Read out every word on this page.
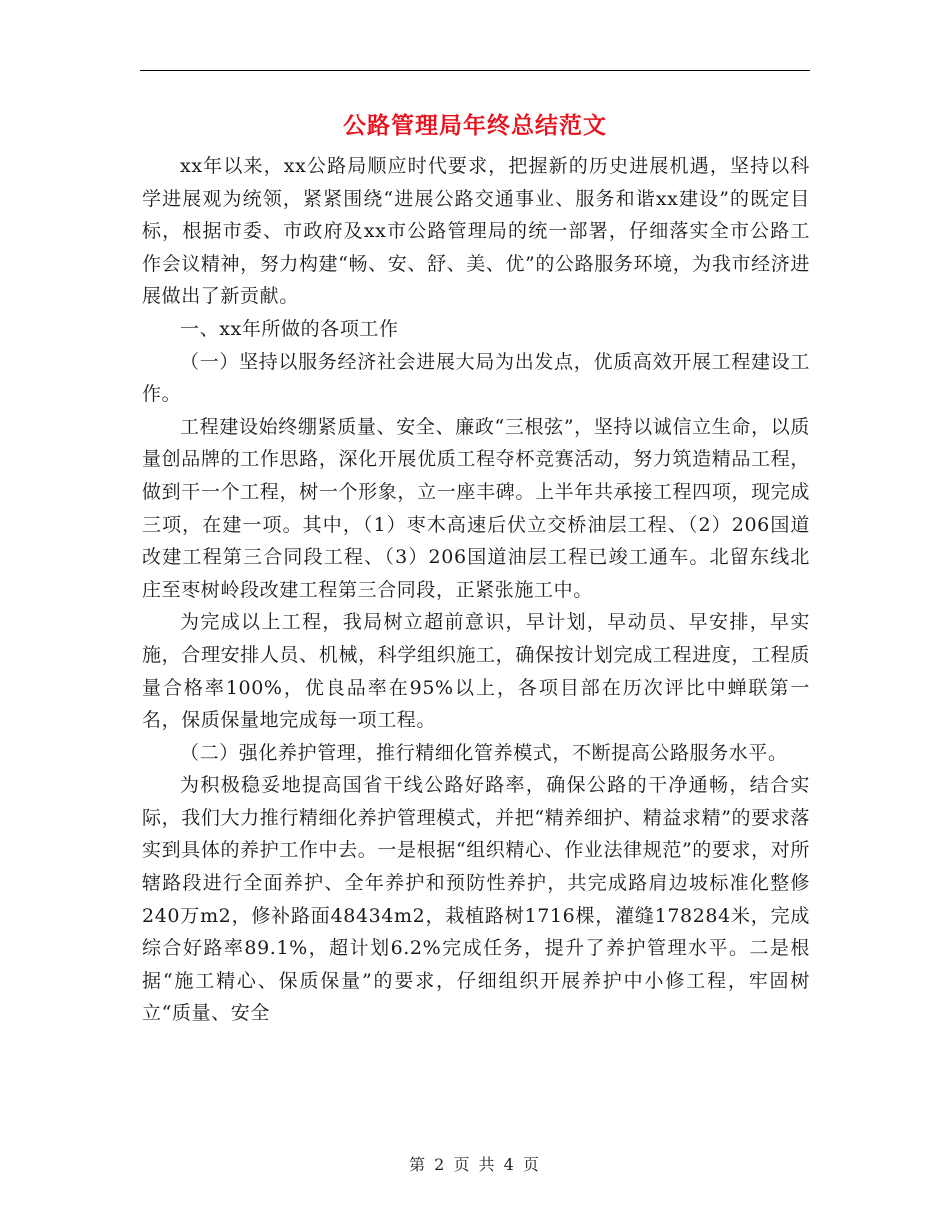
公路管理局年终总结范文

xx年以来，xx公路局顺应时代要求，把握新的历史进展机遇，坚持以科学进展观为统领，紧紧围绕“进展公路交通事业、服务和谐xx建设”的既定目标，根据市委、市政府及xx市公路管理局的统一部署，仔细落实全市公路工作会议精神，努力构建“畅、安、舒、美、优”的公路服务环境，为我市经济进展做出了新贡献。

一、xx年所做的各项工作

（一）坚持以服务经济社会进展大局为出发点，优质高效开展工程建设工作。

工程建设始终绷紧质量、安全、廉政“三根弦”，坚持以诚信立生命，以质量创品牌的工作思路，深化开展优质工程夺杯竞赛活动，努力筑造精品工程，做到干一个工程，树一个形象，立一座丰碑。上半年共承接工程四项，现完成三项，在建一项。其中，（1）枣木高速后伏立交桥油层工程、（2）206国道改建工程第三合同段工程、（3）206国道油层工程已竣工通车。北留东线北庄至枣树岭段改建工程第三合同段，正紧张施工中。

为完成以上工程，我局树立超前意识，早计划，早动员、早安排，早实施，合理安排人员、机械，科学组织施工，确保按计划完成工程进度，工程质量合格率100%，优良品率在95%以上，各项目部在历次评比中蝉联第一名，保质保量地完成每一项工程。

（二）强化养护管理，推行精细化管养模式，不断提高公路服务水平。

为积极稳妥地提高国省干线公路好路率，确保公路的干净通畅，结合实际，我们大力推行精细化养护管理模式，并把“精养细护、精益求精”的要求落实到具体的养护工作中去。一是根据“组织精心、作业法律规范”的要求，对所辖路段进行全面养护、全年养护和预防性养护，共完成路肩边坡标准化整修240万m2，修补路面48434m2，栽植路树1716棵，灌缝178284米，完成综合好路率89.1%，超计划6.2%完成任务，提升了养护管理水平。二是根据“施工精心、保质保量”的要求，仔细组织开展养护中小修工程，牢固树立“质量、安全

第 2 页 共 4 页
